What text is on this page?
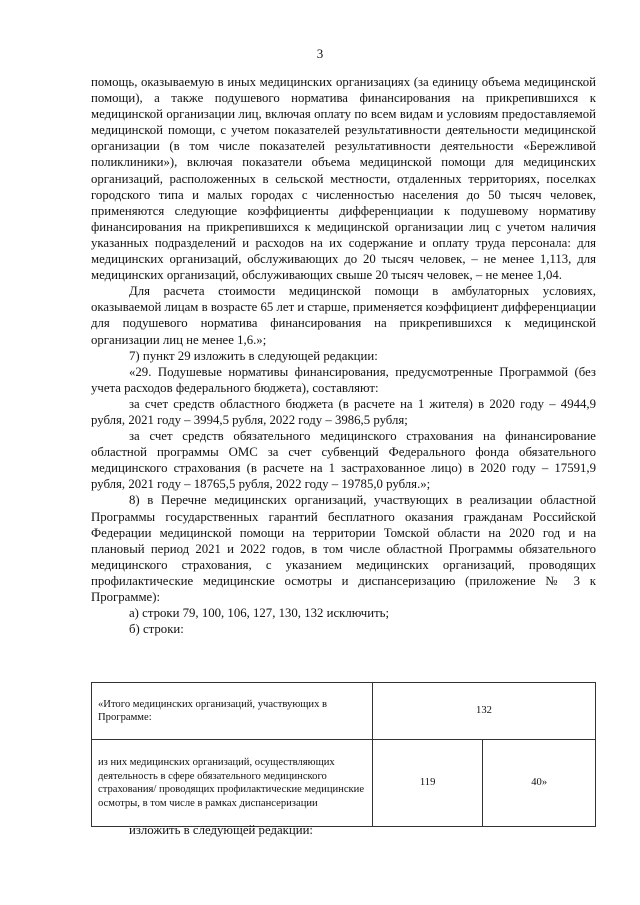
3

помощь, оказываемую в иных медицинских организациях (за единицу объема медицинской помощи), а также подушевого норматива финансирования на прикрепившихся к медицинской организации лиц, включая оплату по всем видам и условиям предоставляемой медицинской помощи, с учетом показателей результативности деятельности медицинской организации (в том числе показателей результативности деятельности «Бережливой поликлиники»), включая показатели объема медицинской помощи для медицинских организаций, расположенных в сельской местности, отдаленных территориях, поселках городского типа и малых городах с численностью населения до 50 тысяч человек, применяются следующие коэффициенты дифференциации к подушевому нормативу финансирования на прикрепившихся к медицинской организации лиц с учетом наличия указанных подразделений и расходов на их содержание и оплату труда персонала: для медицинских организаций, обслуживающих до 20 тысяч человек, – не менее 1,113, для медицинских организаций, обслуживающих свыше 20 тысяч человек, – не менее 1,04.

Для расчета стоимости медицинской помощи в амбулаторных условиях, оказываемой лицам в возрасте 65 лет и старше, применяется коэффициент дифференциации для подушевого норматива финансирования на прикрепившихся к медицинской организации лиц не менее 1,6.»;

7) пункт 29 изложить в следующей редакции:

«29. Подушевые нормативы финансирования, предусмотренные Программой (без учета расходов федерального бюджета), составляют:

за счет средств областного бюджета (в расчете на 1 жителя) в 2020 году – 4944,9 рубля, 2021 году – 3994,5 рубля, 2022 году – 3986,5 рубля;

за счет средств обязательного медицинского страхования на финансирование областной программы ОМС за счет субвенций Федерального фонда обязательного медицинского страхования (в расчете на 1 застрахованное лицо) в 2020 году – 17591,9 рубля, 2021 году – 18765,5 рубля, 2022 году – 19785,0 рубля.»;

8) в Перечне медицинских организаций, участвующих в реализации областной Программы государственных гарантий бесплатного оказания гражданам Российской Федерации медицинской помощи на территории Томской области на 2020 год и на плановый период 2021 и 2022 годов, в том числе областной Программы обязательного медицинского страхования, с указанием медицинских организаций, проводящих профилактические медицинские осмотры и диспансеризацию (приложение № 3 к Программе):

а) строки 79, 100, 106, 127, 130, 132 исключить;

б) строки:

«Итого медицинских организаций, участвующих в Программе:	132	
из них медицинских организаций, осуществляющих деятельность в сфере обязательного медицинского страхования/ проводящих профилактические медицинские осмотры, в том числе в рамках диспансеризации	119	40»
изложить в следующей редакции:
